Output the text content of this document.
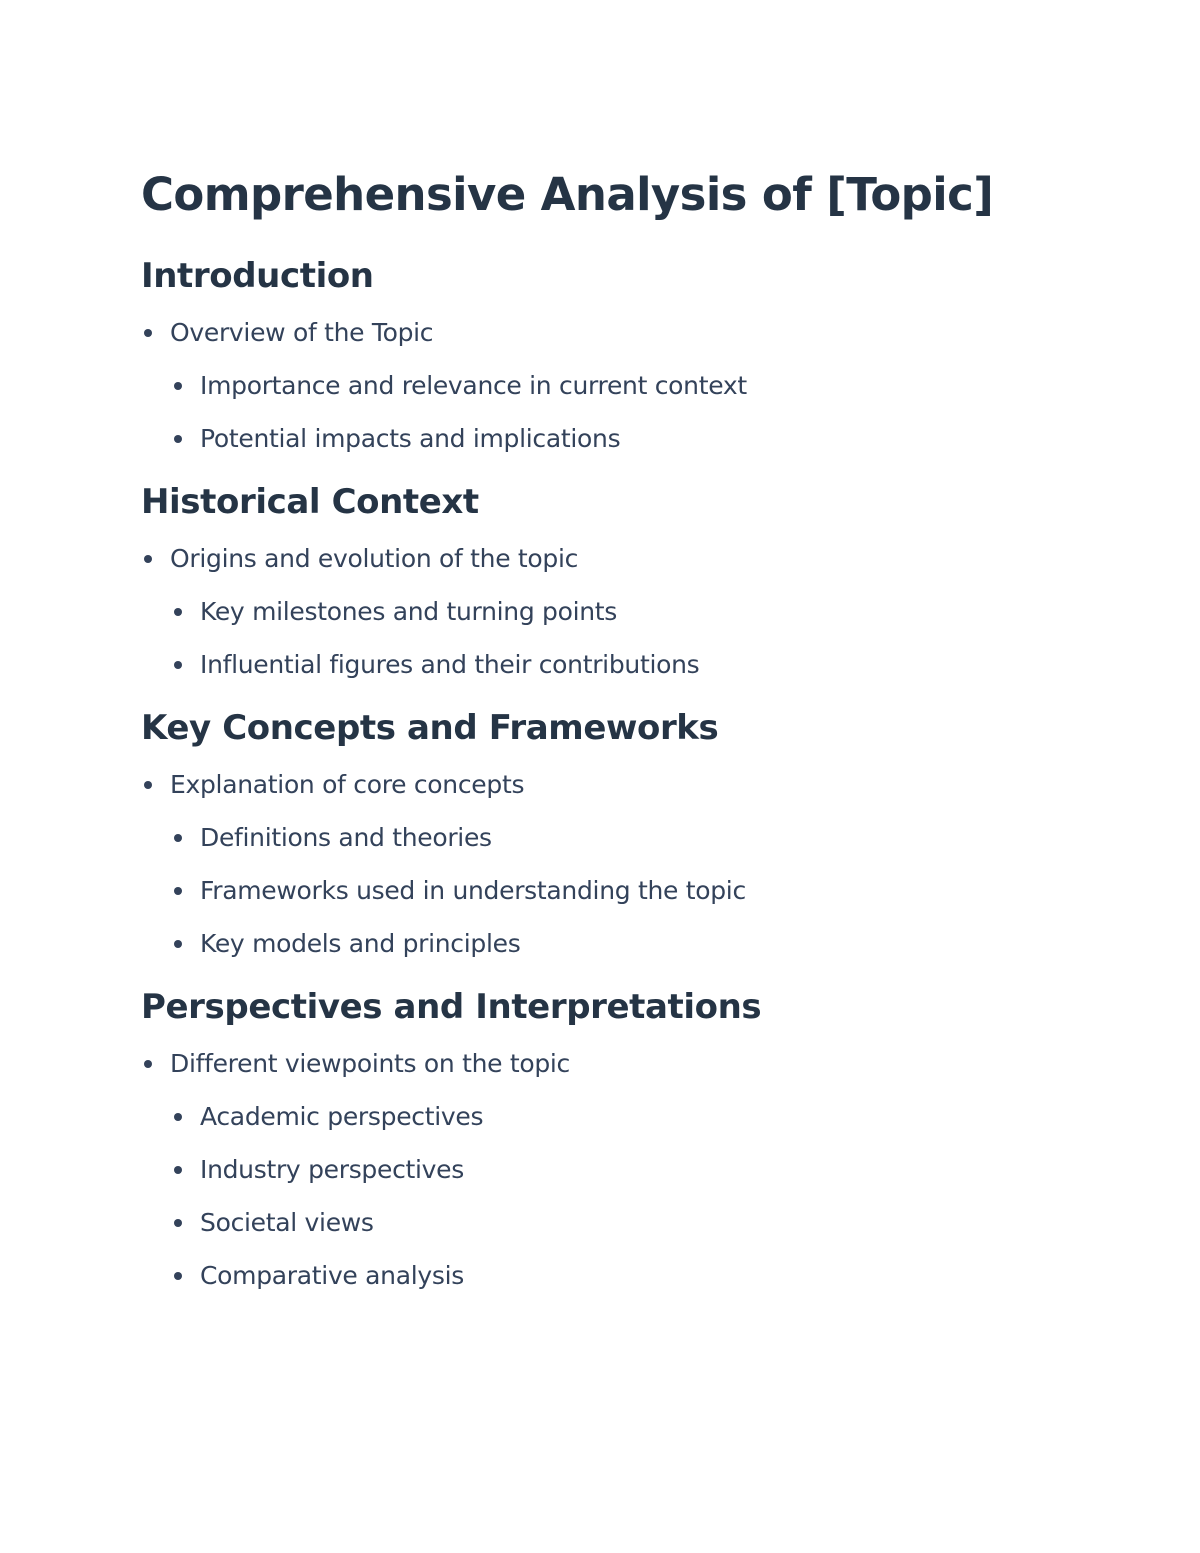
Comprehensive Analysis of [Topic]
Introduction
Overview of the Topic
Importance and relevance in current context
Potential impacts and implications
Historical Context
Origins and evolution of the topic
Key milestones and turning points
Influential figures and their contributions
Key Concepts and Frameworks
Explanation of core concepts
Definitions and theories
Frameworks used in understanding the topic
Key models and principles
Perspectives and Interpretations
Different viewpoints on the topic
Academic perspectives
Industry perspectives
Societal views
Comparative analysis
